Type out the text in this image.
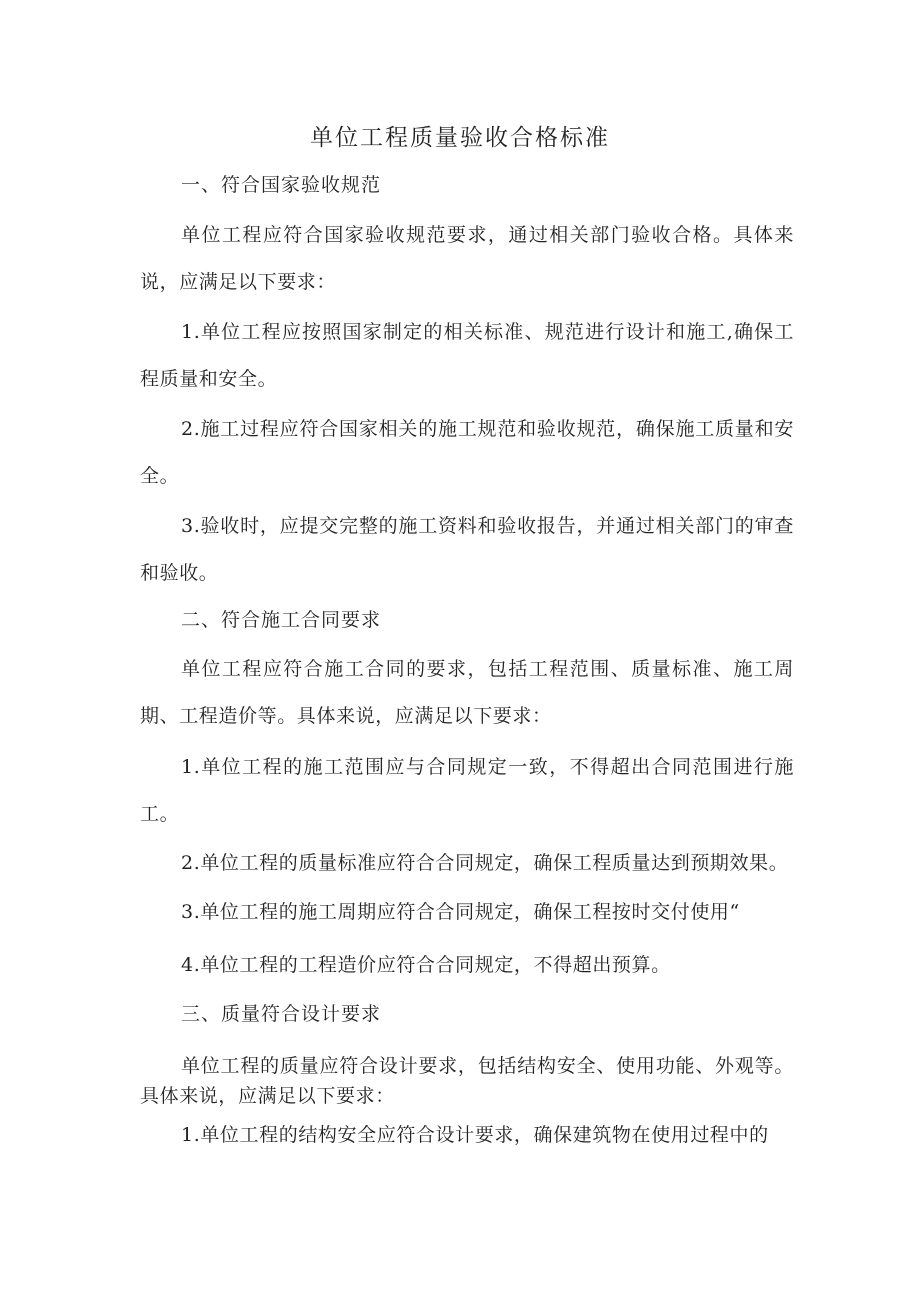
单位工程质量验收合格标准
一、符合国家验收规范
单位工程应符合国家验收规范要求，通过相关部门验收合格。具体来说，应满足以下要求：
1.单位工程应按照国家制定的相关标准、规范进行设计和施工,确保工程质量和安全。
2.施工过程应符合国家相关的施工规范和验收规范，确保施工质量和安全。
3.验收时，应提交完整的施工资料和验收报告，并通过相关部门的审查和验收。
二、符合施工合同要求
单位工程应符合施工合同的要求，包括工程范围、质量标准、施工周期、工程造价等。具体来说，应满足以下要求：
1.单位工程的施工范围应与合同规定一致，不得超出合同范围进行施工。
2.单位工程的质量标准应符合合同规定，确保工程质量达到预期效果。
3.单位工程的施工周期应符合合同规定，确保工程按时交付使用“
4.单位工程的工程造价应符合合同规定，不得超出预算。
三、质量符合设计要求
单位工程的质量应符合设计要求，包括结构安全、使用功能、外观等。具体来说，应满足以下要求：
1.单位工程的结构安全应符合设计要求，确保建筑物在使用过程中的
